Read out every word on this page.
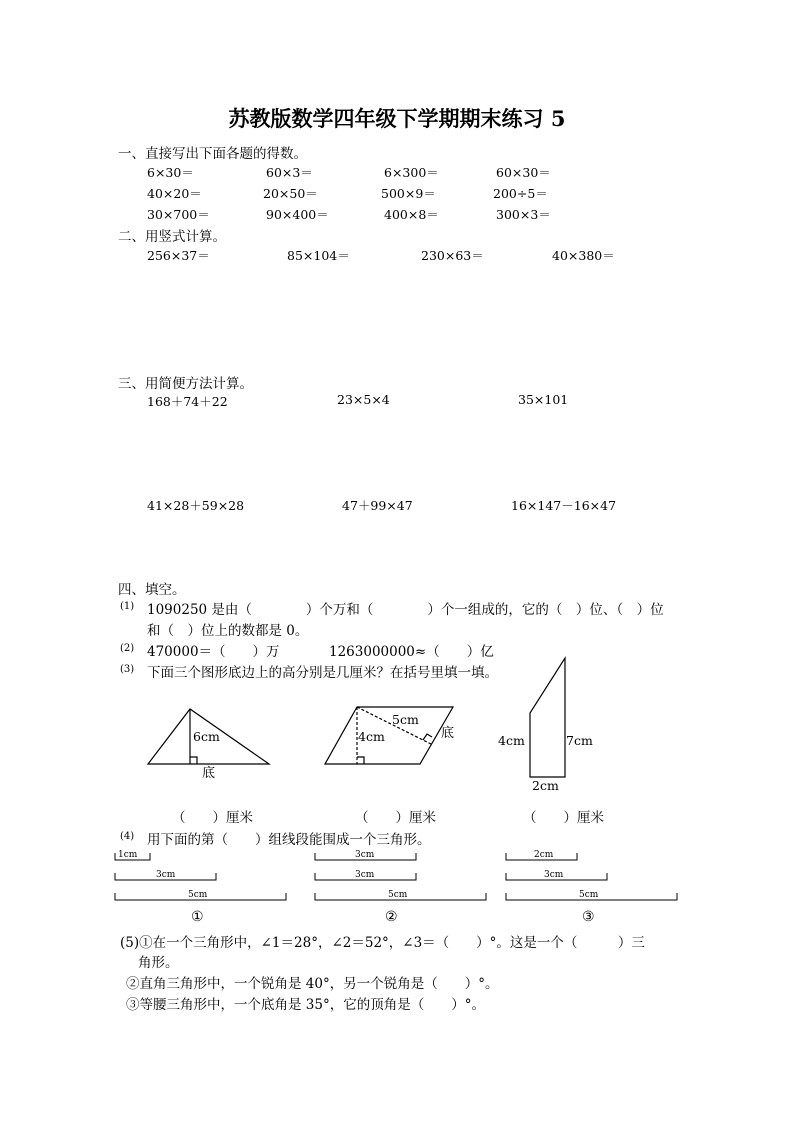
苏教版数学四年级下学期期末练习 5
一、直接写出下面各题的得数。
6×30＝	60×3＝	6×300＝	60×30＝
40×20＝	20×50＝	500×9＝	200÷5＝
30×700＝	90×400＝	400×8＝	300×3＝
二、用竖式计算。
256×37＝	85×104＝	230×63＝	40×380＝
三、用简便方法计算。
168＋74＋22	23×5×4	35×101
41×28＋59×28	47＋99×47	16×147－16×47
四、填空。
(1) 1090250 是由（　　　　）个万和（　　　　）个一组成的，它的（　）位、（　）位
和（　）位上的数都是 0。
(2) 470000＝（　　）万	1263000000≈（　　）亿
(3) 下面三个图形底边上的高分别是几厘米？在括号里填一填。
6cm
底
5cm
4cm	底	4cm	7cm
2cm
（　　）厘米	（　　）厘米	（　　）厘米
(4) 用下面的第（　　）组线段能围成一个三角形。
1cm
3cm
5cm
3cm
3cm
5cm
2cm
3cm
5cm
①	②	③
(5)①在一个三角形中，∠1＝28°，∠2＝52°，∠3＝（　　）°。这是一个（　　　）三
角形。
②直角三角形中，一个锐角是 40°，另一个锐角是（　　）°。
③等腰三角形中，一个底角是 35°，它的顶角是（　　）°。
